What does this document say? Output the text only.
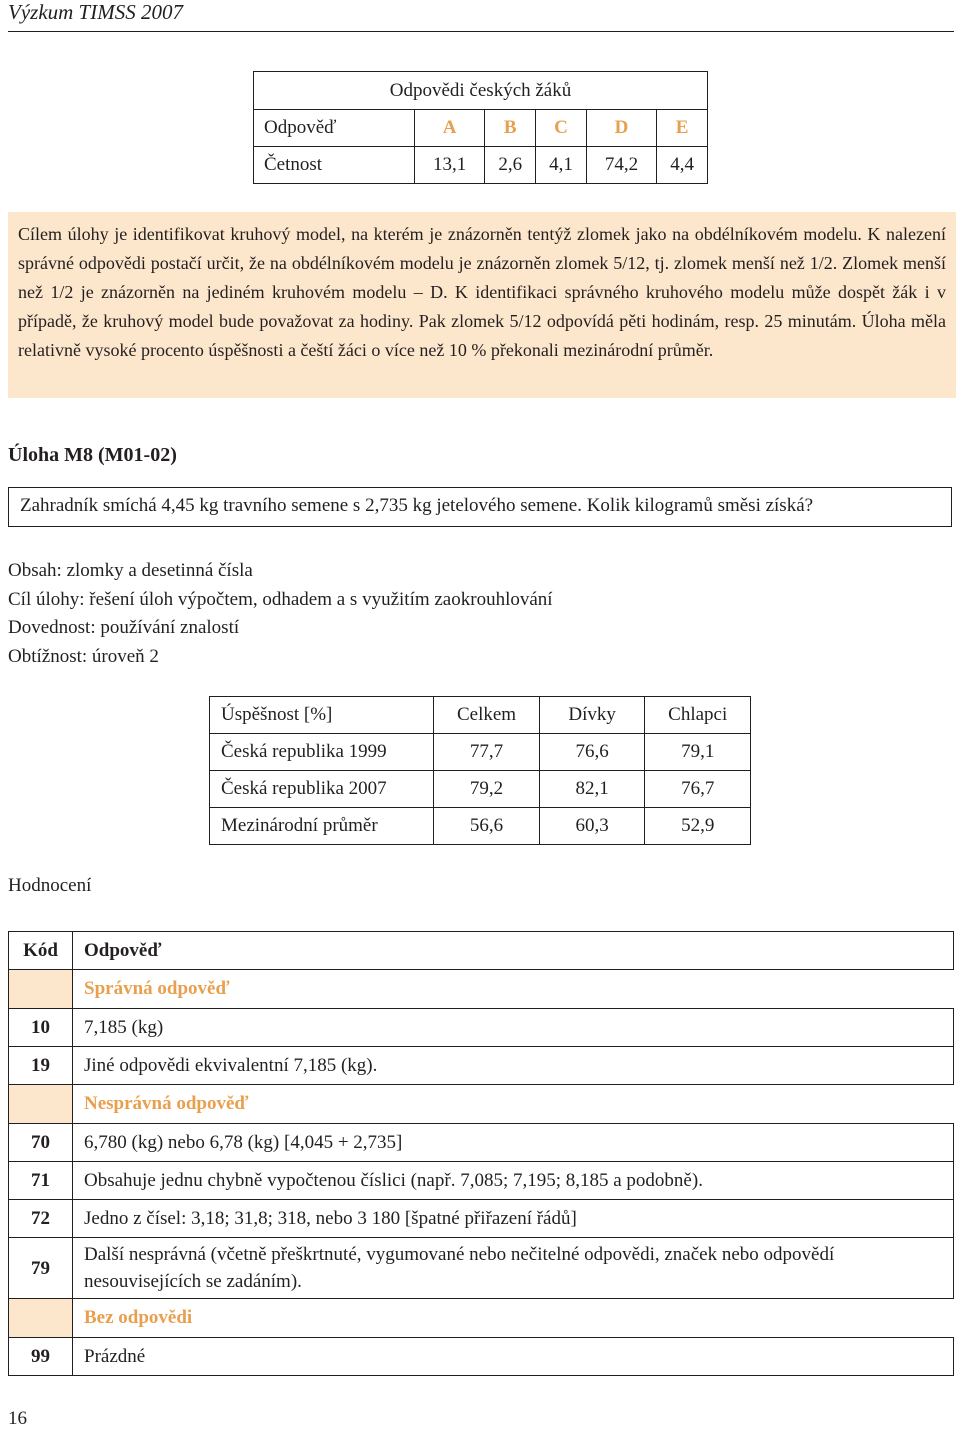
Výzkum TIMSS 2007
Odpovědi českých žáků					
Odpověď	A	B	C	D	E
Četnost	13,1	2,6	4,1	74,2	4,4
Cílem úlohy je identifikovat kruhový model, na kterém je znázorněn tentýž zlomek jako na obdélníkovém modelu. K nalezení správné odpovědi postačí určit, že na obdélníkovém modelu je znázorněn zlomek 5/12, tj. zlomek menší než 1/2. Zlomek menší než 1/2 je znázorněn na jediném kruhovém modelu – D. K identifikaci správného kruhového modelu může dospět žák i v případě, že kruhový model bude považovat za hodiny. Pak zlomek 5/12 odpovídá pěti hodinám, resp. 25 minutám. Úloha měla relativně vysoké procento úspěšnosti a čeští žáci o více než 10 % překonali mezinárodní průměr.
Úloha M8 (M01-02)
Zahradník smíchá 4,45 kg travního semene s 2,735 kg jetelového semene. Kolik kilogramů směsi získá?
Obsah: zlomky a desetinná čísla
Cíl úlohy: řešení úloh výpočtem, odhadem a s využitím zaokrouhlování
Dovednost: používání znalostí
Obtížnost: úroveň 2
Úspěšnost [%]	Celkem	Dívky	Chlapci
Česká republika 1999	77,7	76,6	79,1
Česká republika 2007	79,2	82,1	76,7
Mezinárodní průměr	56,6	60,3	52,9
Hodnocení
Kód	Odpověď
	Správná odpověď
10	7,185 (kg)
19	Jiné odpovědi ekvivalentní 7,185 (kg).
	Nesprávná odpověď
70	6,780 (kg) nebo 6,78 (kg) [4,045 + 2,735]
71	Obsahuje jednu chybně vypočtenou číslici (např. 7,085; 7,195; 8,185 a podobně).
72	Jedno z čísel: 3,18; 31,8; 318, nebo 3 180 [špatné přiřazení řádů]
79	Další nesprávná (včetně přeškrtnuté, vygumované nebo nečitelné odpovědi, značek nebo odpovědí nesouvisejících se zadáním).
	Bez odpovědi
99	Prázdné
16
